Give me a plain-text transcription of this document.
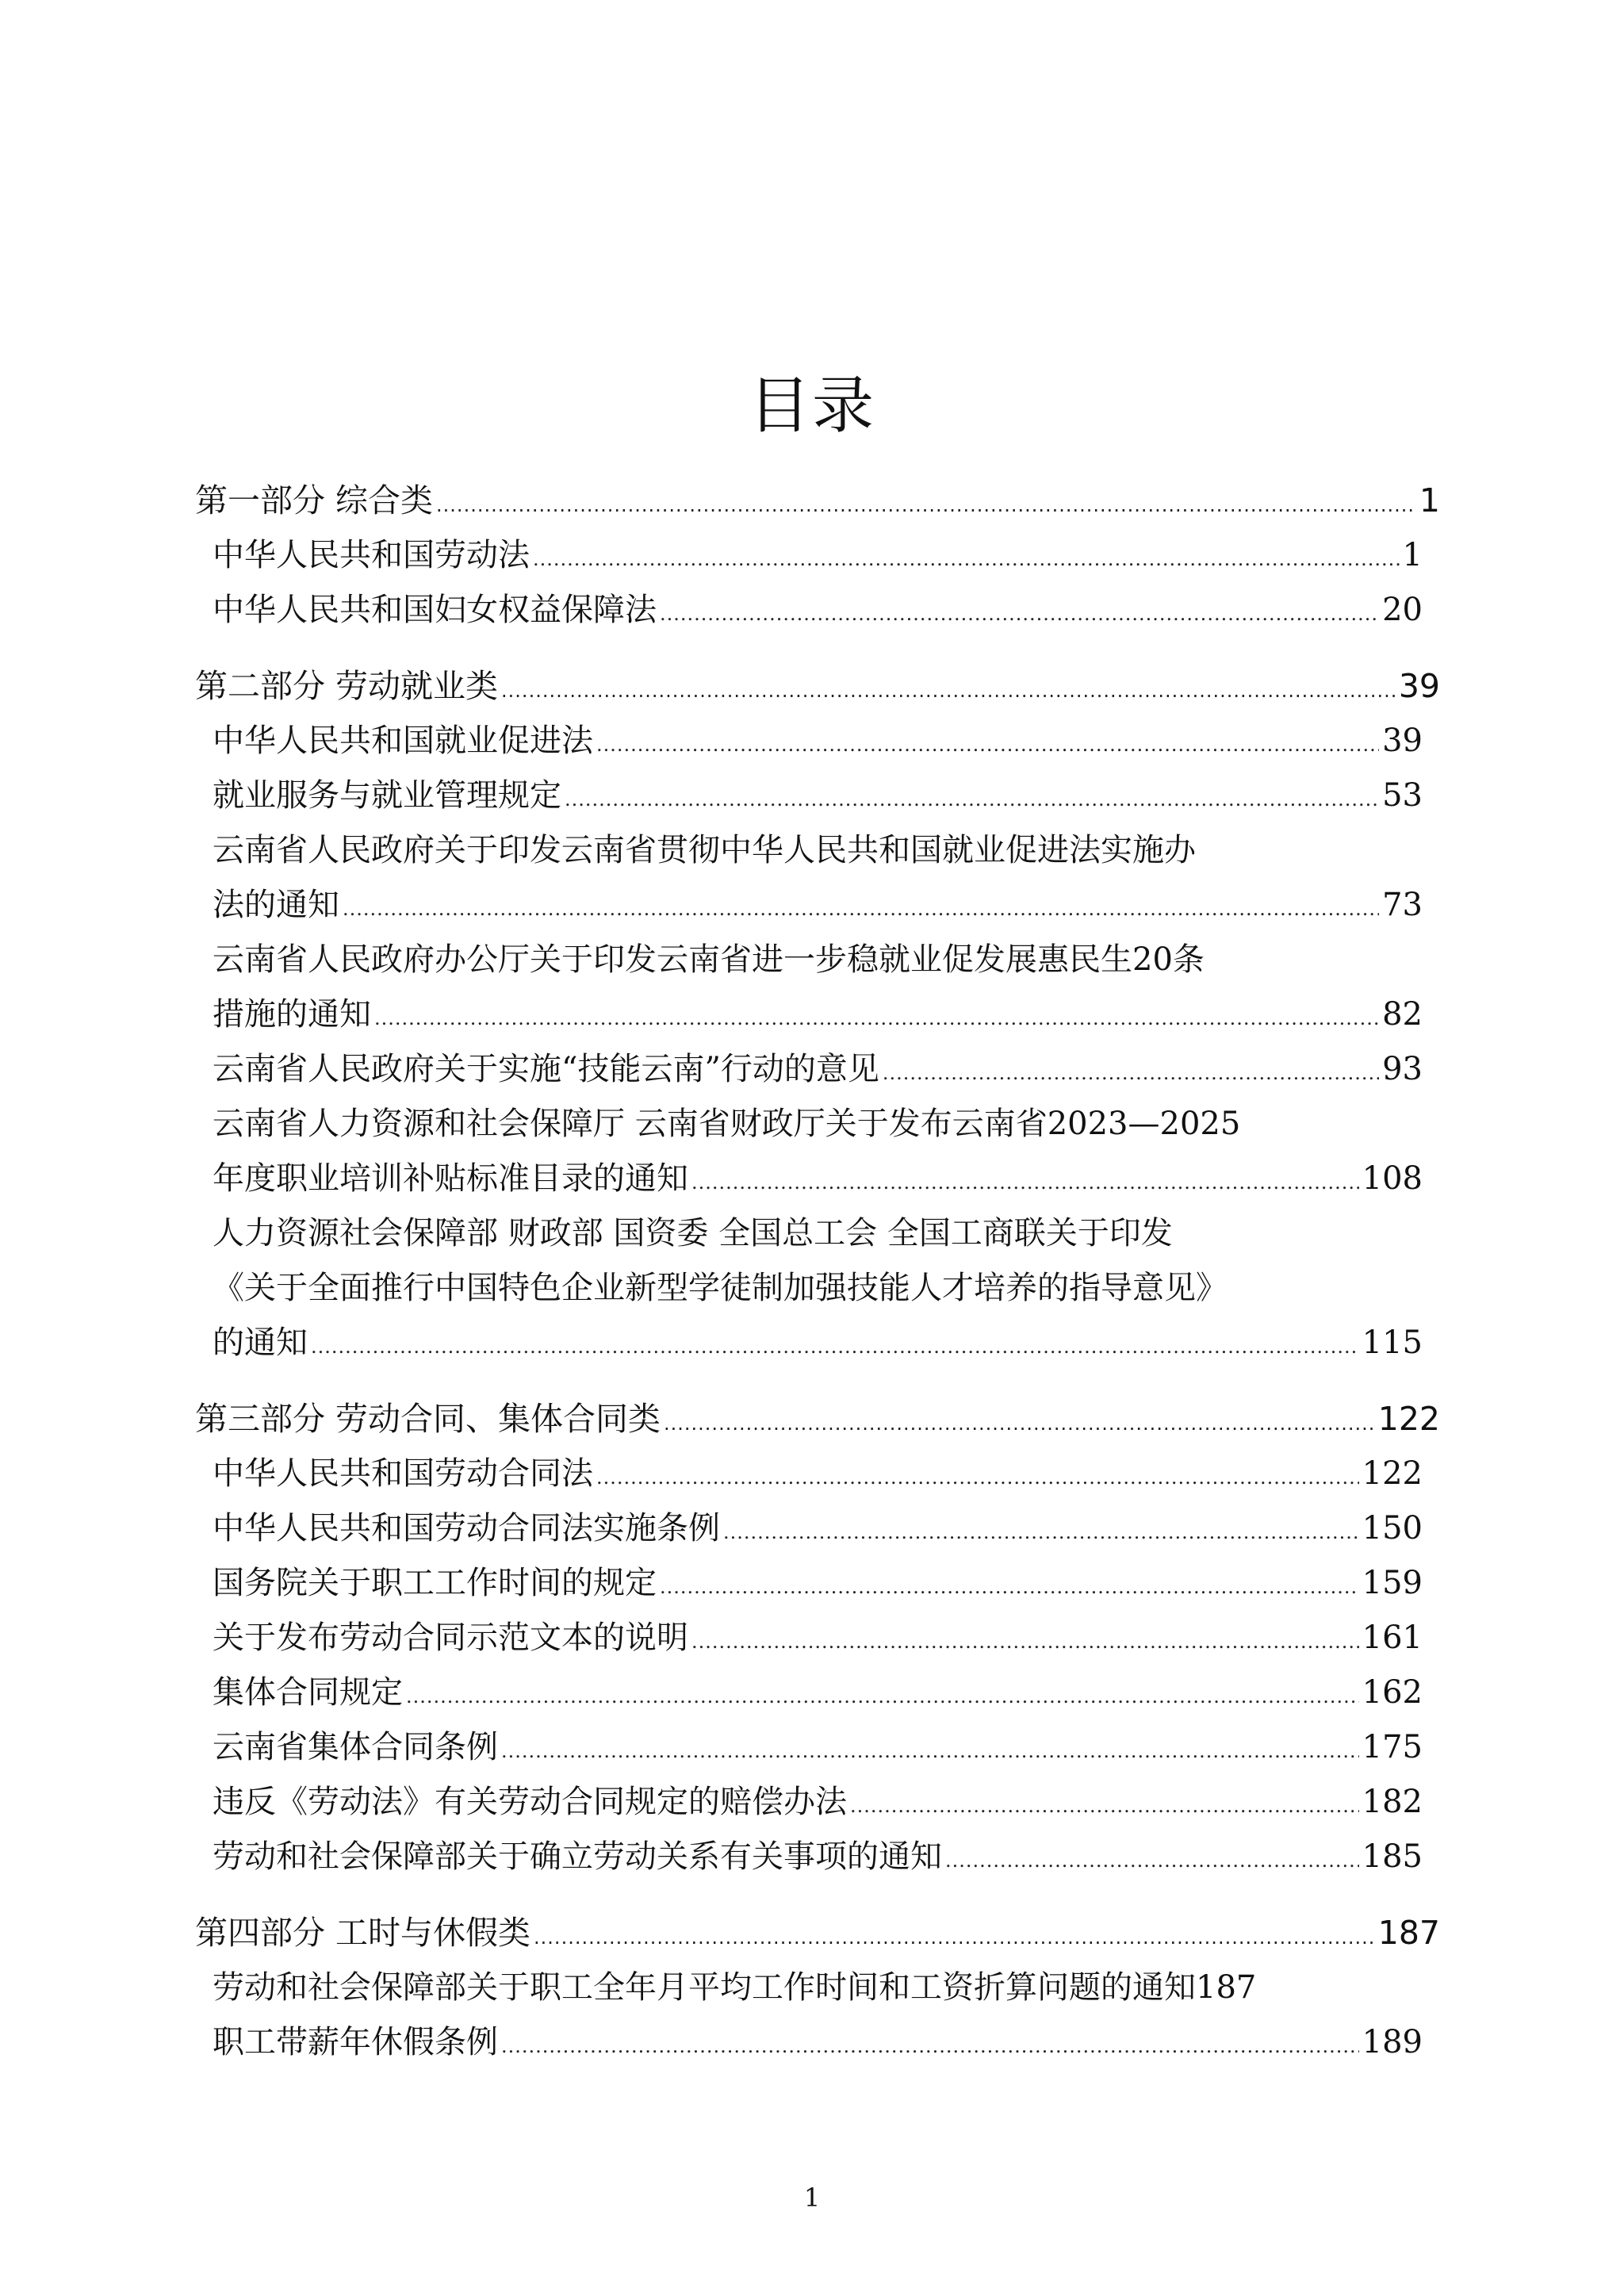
目录
第一部分 综合类 .....	1
中华人民共和国劳动法 .....	1
中华人民共和国妇女权益保障法 .....	20
第二部分 劳动就业类 .....	39
中华人民共和国就业促进法 .....	39
就业服务与就业管理规定 .....	53
云南省人民政府关于印发云南省贯彻中华人民共和国就业促进法实施办
法的通知 .....	73
云南省人民政府办公厅关于印发云南省进一步稳就业促发展惠民生20条
措施的通知 .....	82
云南省人民政府关于实施“技能云南”行动的意见 .....	93
云南省人力资源和社会保障厅 云南省财政厅关于发布云南省2023—2025
年度职业培训补贴标准目录的通知 .....	108
人力资源社会保障部 财政部 国资委 全国总工会 全国工商联关于印发
《关于全面推行中国特色企业新型学徒制加强技能人才培养的指导意见》
的通知 .....	115
第三部分 劳动合同、集体合同类 .....	122
中华人民共和国劳动合同法 .....	122
中华人民共和国劳动合同法实施条例 .....	150
国务院关于职工工作时间的规定 .....	159
关于发布劳动合同示范文本的说明 .....	161
集体合同规定 .....	162
云南省集体合同条例 .....	175
违反《劳动法》有关劳动合同规定的赔偿办法 .....	182
劳动和社会保障部关于确立劳动关系有关事项的通知 .....	185
第四部分 工时与休假类 .....	187
劳动和社会保障部关于职工全年月平均工作时间和工资折算问题的通知 187
职工带薪年休假条例 .....	189
1
